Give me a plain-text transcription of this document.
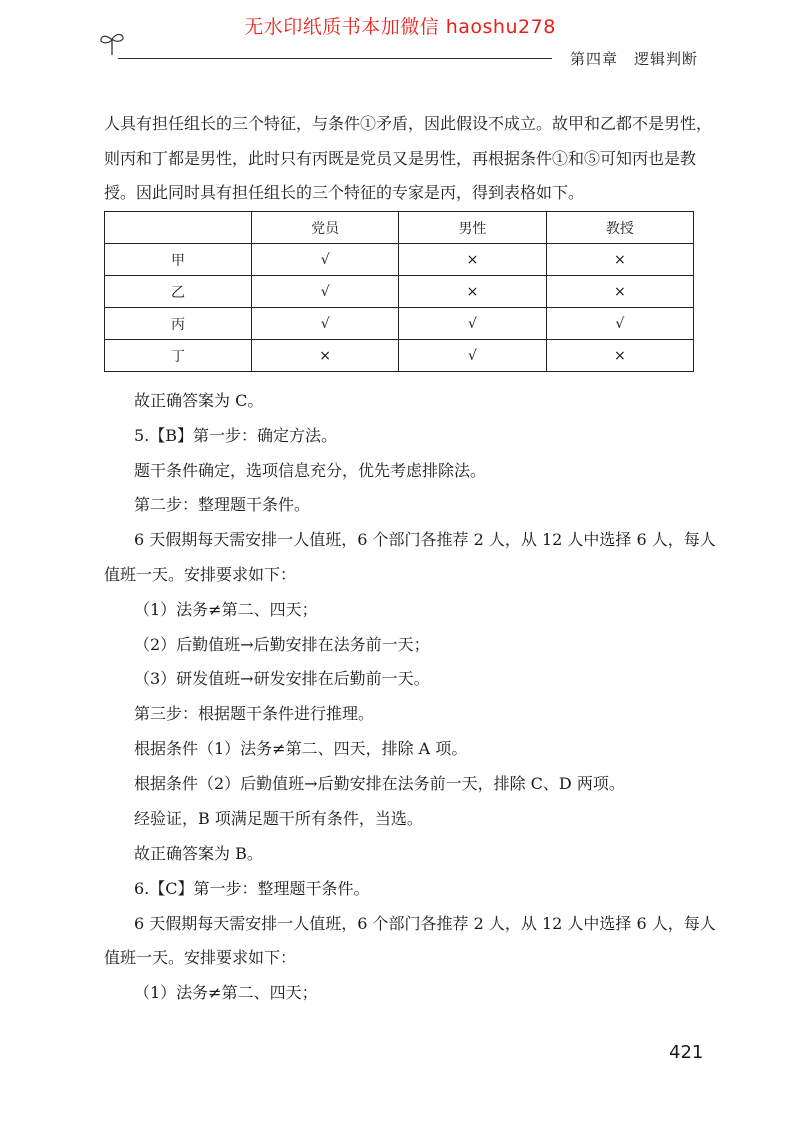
无水印纸质书本加微信 haoshu278
第四章　逻辑判断
人具有担任组长的三个特征，与条件①矛盾，因此假设不成立。故甲和乙都不是男性，
则丙和丁都是男性，此时只有丙既是党员又是男性，再根据条件①和⑤可知丙也是教
授。因此同时具有担任组长的三个特征的专家是丙，得到表格如下。
	党员	男性	教授
甲	√	×	×
乙	√	×	×
丙	√	√	√
丁	×	√	×
故正确答案为 C。
5.【B】第一步：确定方法。
题干条件确定，选项信息充分，优先考虑排除法。
第二步：整理题干条件。
6 天假期每天需安排一人值班，6 个部门各推荐 2 人，从 12 人中选择 6 人，每人
值班一天。安排要求如下：
（1）法务≠第二、四天；
（2）后勤值班→后勤安排在法务前一天；
（3）研发值班→研发安排在后勤前一天。
第三步：根据题干条件进行推理。
根据条件（1）法务≠第二、四天，排除 A 项。
根据条件（2）后勤值班→后勤安排在法务前一天，排除 C、D 两项。
经验证，B 项满足题干所有条件，当选。
故正确答案为 B。
6.【C】第一步：整理题干条件。
6 天假期每天需安排一人值班，6 个部门各推荐 2 人，从 12 人中选择 6 人，每人
值班一天。安排要求如下：
（1）法务≠第二、四天；
421
